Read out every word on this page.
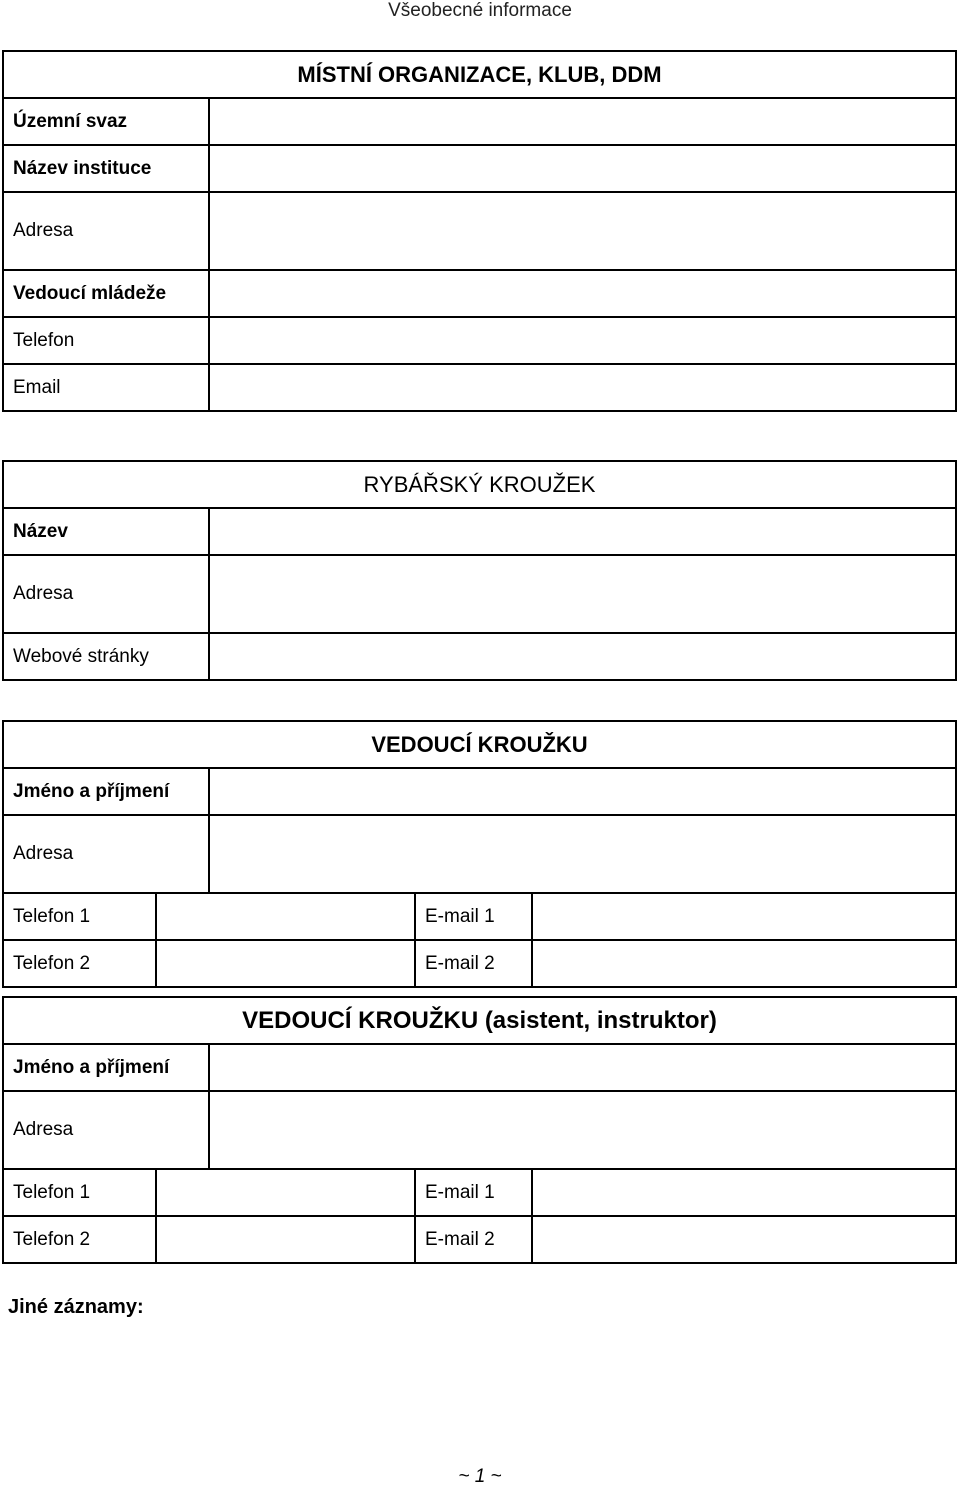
Všeobecné informace
MÍSTNÍ ORGANIZACE, KLUB, DDM	
Územní svaz	
Název instituce	
Adresa	
Vedoucí mládeže	
Telefon	
Email	
RYBÁŘSKÝ KROUŽEK	
Název	
Adresa	
Webové stránky	
VEDOUCÍ KROUŽKU				
Jméno a příjmení				
Adresa				
Telefon 1			E-mail 1	
Telefon 2			E-mail 2	
VEDOUCÍ KROUŽKU (asistent, instruktor)				
Jméno a příjmení				
Adresa				
Telefon 1			E-mail 1	
Telefon 2			E-mail 2	
Jiné záznamy:
~ 1 ~
